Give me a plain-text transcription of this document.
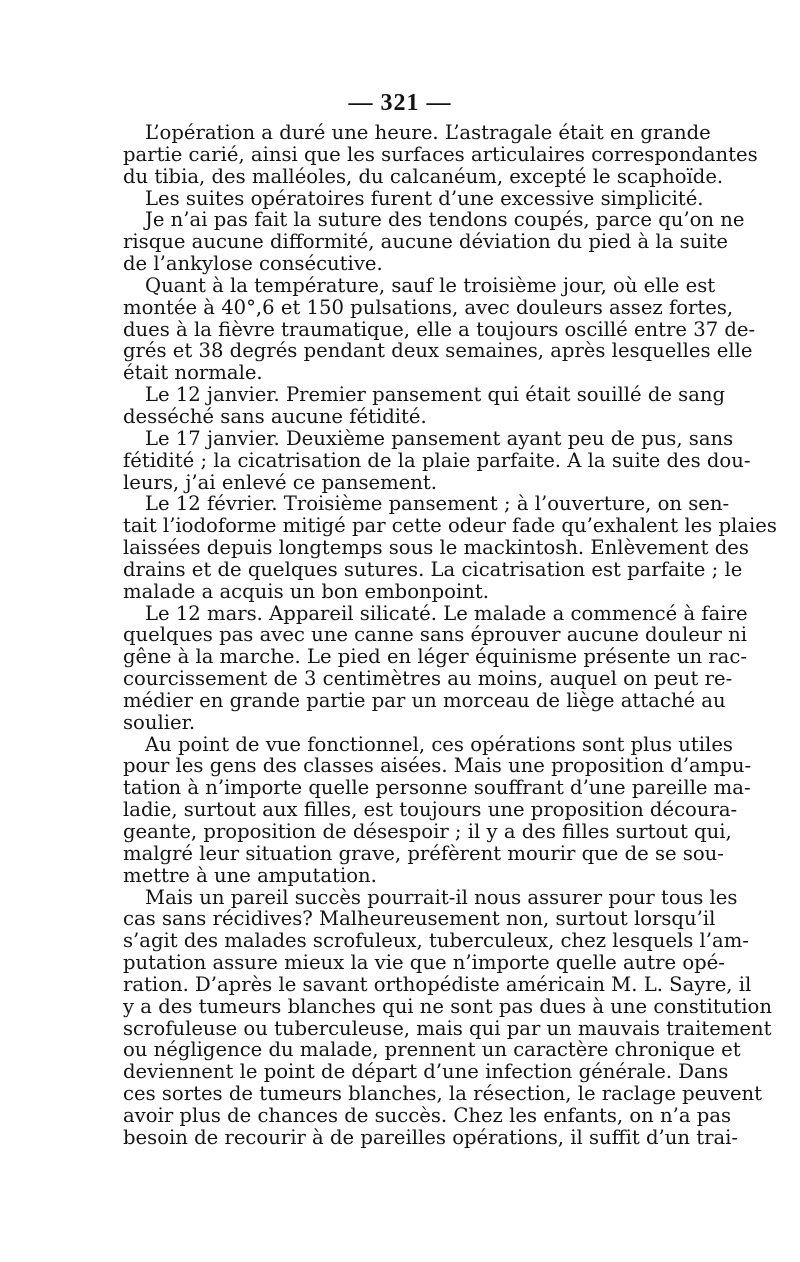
— 321 —
L’opération a duré une heure. L’astragale était en grande
partie carié, ainsi que les surfaces articulaires correspondantes
du tibia, des malléoles, du calcanéum, excepté le scaphoïde.
Les suites opératoires furent d’une excessive simplicité.
Je n’ai pas fait la suture des tendons coupés, parce qu’on ne
risque aucune difformité, aucune déviation du pied à la suite
de l’ankylose consécutive.
Quant à la température, sauf le troisième jour, où elle est
montée à 40°,6 et 150 pulsations, avec douleurs assez fortes,
dues à la fièvre traumatique, elle a toujours oscillé entre 37 de-
grés et 38 degrés pendant deux semaines, après lesquelles elle
était normale.
Le 12 janvier. Premier pansement qui était souillé de sang
desséché sans aucune fétidité.
Le 17 janvier. Deuxième pansement ayant peu de pus, sans
fétidité ; la cicatrisation de la plaie parfaite. A la suite des dou-
leurs, j’ai enlevé ce pansement.
Le 12 février. Troisième pansement ; à l’ouverture, on sen-
tait l’iodoforme mitigé par cette odeur fade qu’exhalent les plaies
laissées depuis longtemps sous le mackintosh. Enlèvement des
drains et de quelques sutures. La cicatrisation est parfaite ; le
malade a acquis un bon embonpoint.
Le 12 mars. Appareil silicaté. Le malade a commencé à faire
quelques pas avec une canne sans éprouver aucune douleur ni
gêne à la marche. Le pied en léger équinisme présente un rac-
courcissement de 3 centimètres au moins, auquel on peut re-
médier en grande partie par un morceau de liège attaché au
soulier.
Au point de vue fonctionnel, ces opérations sont plus utiles
pour les gens des classes aisées. Mais une proposition d’ampu-
tation à n’importe quelle personne souffrant d’une pareille ma-
ladie, surtout aux filles, est toujours une proposition découra-
geante, proposition de désespoir ; il y a des filles surtout qui,
malgré leur situation grave, préfèrent mourir que de se sou-
mettre à une amputation.
Mais un pareil succès pourrait-il nous assurer pour tous les
cas sans récidives? Malheureusement non, surtout lorsqu’il
s’agit des malades scrofuleux, tuberculeux, chez lesquels l’am-
putation assure mieux la vie que n’importe quelle autre opé-
ration. D’après le savant orthopédiste américain M. L. Sayre, il
y a des tumeurs blanches qui ne sont pas dues à une constitution
scrofuleuse ou tuberculeuse, mais qui par un mauvais traitement
ou négligence du malade, prennent un caractère chronique et
deviennent le point de départ d’une infection générale. Dans
ces sortes de tumeurs blanches, la résection, le raclage peuvent
avoir plus de chances de succès. Chez les enfants, on n’a pas
besoin de recourir à de pareilles opérations, il suffit d’un trai-
